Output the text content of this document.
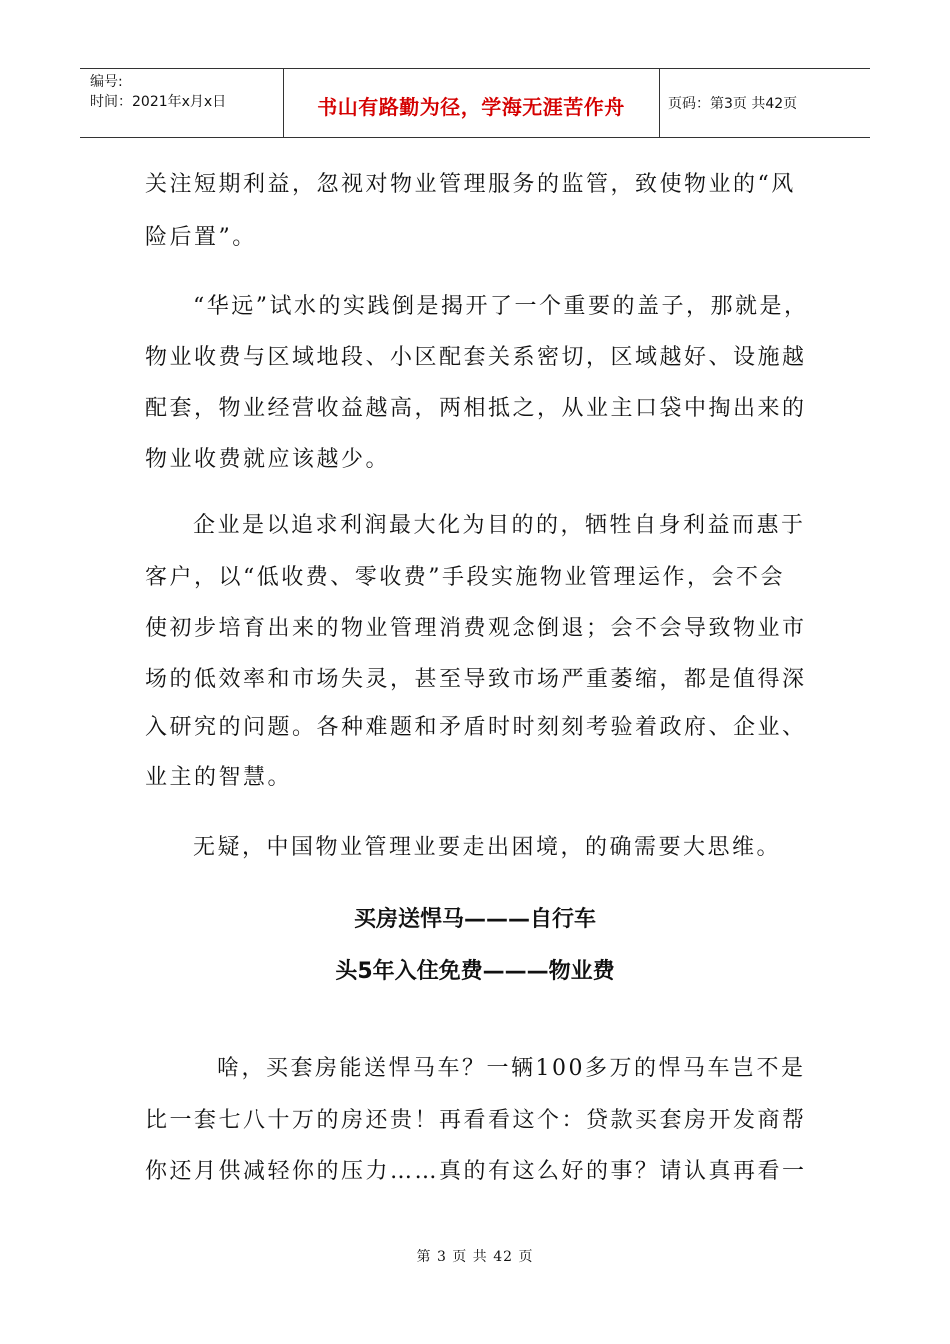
编号:
时间：2021年x月x日	书山有路勤为径，学海无涯苦作舟	页码：第3页 共42页
关注短期利益，忽视对物业管理服务的监管，致使物业的“风
险后置”。
“华远”试水的实践倒是揭开了一个重要的盖子，那就是，
物业收费与区域地段、小区配套关系密切，区域越好、设施越
配套，物业经营收益越高，两相抵之，从业主口袋中掏出来的
物业收费就应该越少。
企业是以追求利润最大化为目的的，牺牲自身利益而惠于
客户，以“低收费、零收费”手段实施物业管理运作，会不会
使初步培育出来的物业管理消费观念倒退；会不会导致物业市
场的低效率和市场失灵，甚至导致市场严重萎缩，都是值得深
入研究的问题。各种难题和矛盾时时刻刻考验着政府、企业、
业主的智慧。
无疑，中国物业管理业要走出困境，的确需要大思维。
买房送悍马———自行车
头5年入住免费———物业费
啥，买套房能送悍马车？一辆100多万的悍马车岂不是
比一套七八十万的房还贵！再看看这个：贷款买套房开发商帮
你还月供减轻你的压力……真的有这么好的事？请认真再看一
第 3 页 共 42 页
